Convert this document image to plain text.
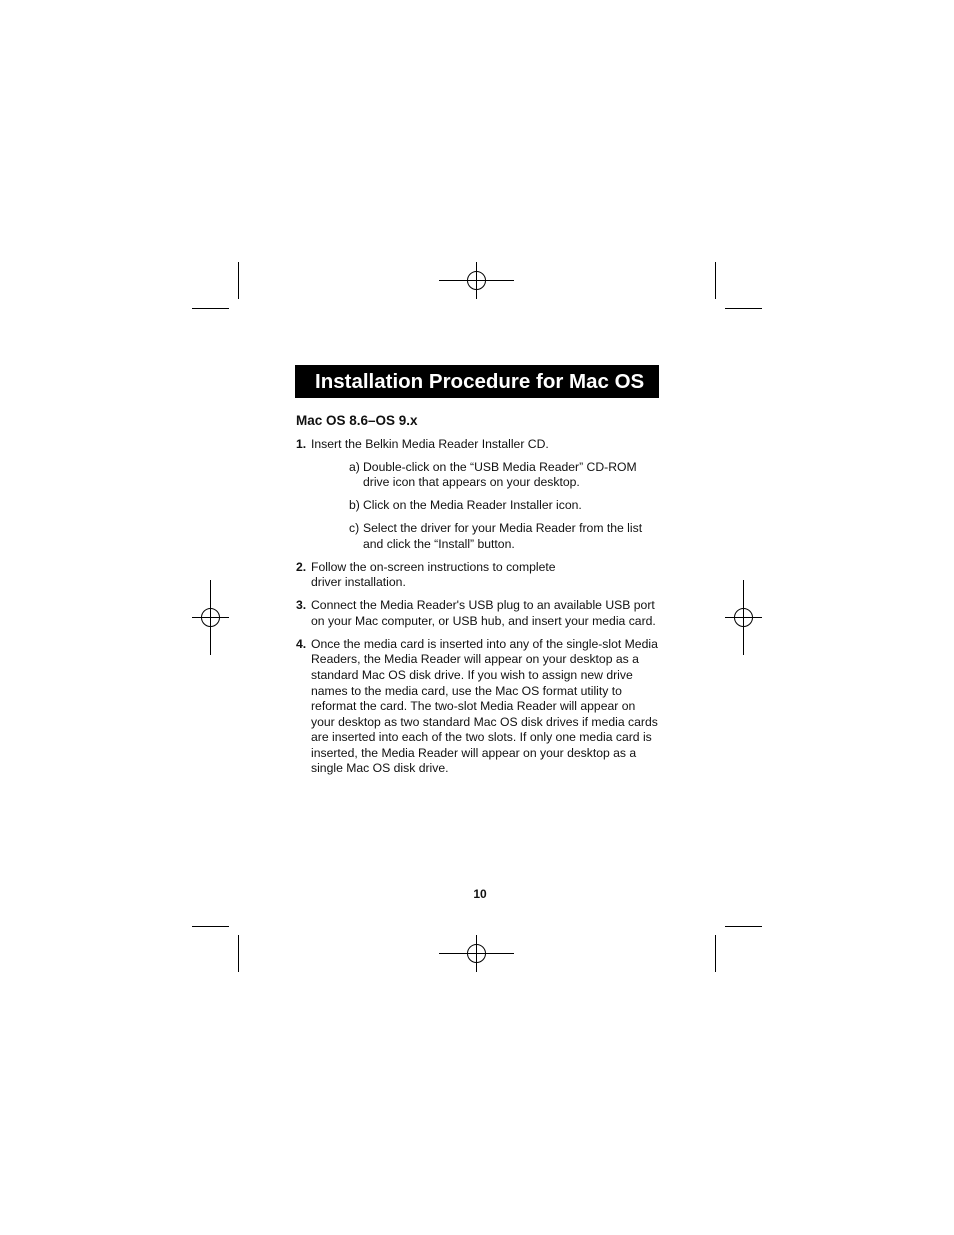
Installation Procedure for Mac OS
Mac OS 8.6–OS 9.x
1. Insert the Belkin Media Reader Installer CD.
a) Double-click on the “USB Media Reader” CD-ROM drive icon that appears on your desktop.
b) Click on the Media Reader Installer icon.
c) Select the driver for your Media Reader from the list and click the “Install” button.
2. Follow the on-screen instructions to complete driver installation.
3. Connect the Media Reader's USB plug to an available USB port on your Mac computer, or USB hub, and insert your media card.
4. Once the media card is inserted into any of the single-slot Media Readers, the Media Reader will appear on your desktop as a standard Mac OS disk drive. If you wish to assign new drive names to the media card, use the Mac OS format utility to reformat the card. The two-slot Media Reader will appear on your desktop as two standard Mac OS disk drives if media cards are inserted into each of the two slots. If only one media card is inserted, the Media Reader will appear on your desktop as a single Mac OS disk drive.
10
